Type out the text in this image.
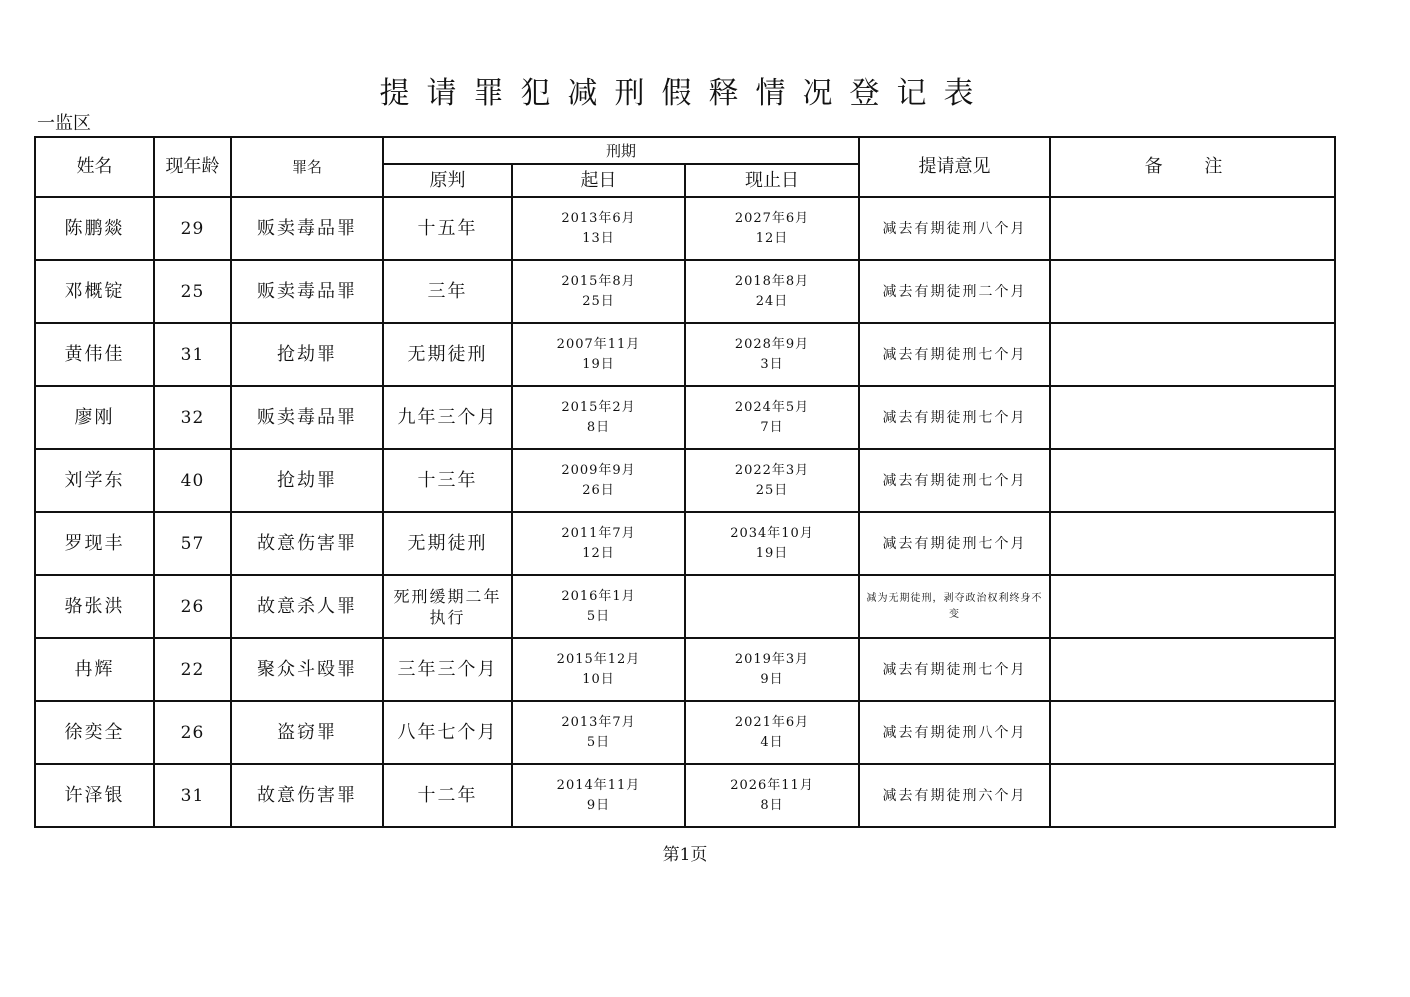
提请罪犯减刑假释情况登记表
一监区
姓名	现年龄	罪名	刑期			提请意见	备 注
			原判	起日	现止日		
陈鹏燚	29	贩卖毒品罪	十五年	2013年6月
13日	2027年6月
12日	减去有期徒刑八个月	
邓概锭	25	贩卖毒品罪	三年	2015年8月
25日	2018年8月
24日	减去有期徒刑二个月	
黄伟佳	31	抢劫罪	无期徒刑	2007年11月
19日	2028年9月
3日	减去有期徒刑七个月	
廖刚	32	贩卖毒品罪	九年三个月	2015年2月
8日	2024年5月
7日	减去有期徒刑七个月	
刘学东	40	抢劫罪	十三年	2009年9月
26日	2022年3月
25日	减去有期徒刑七个月	
罗现丰	57	故意伤害罪	无期徒刑	2011年7月
12日	2034年10月
19日	减去有期徒刑七个月	
骆张洪	26	故意杀人罪	死刑缓期二年执行	2016年1月
5日		减为无期徒刑，剥夺政治权利终身不变	
冉辉	22	聚众斗殴罪	三年三个月	2015年12月
10日	2019年3月
9日	减去有期徒刑七个月	
徐奕全	26	盗窃罪	八年七个月	2013年7月
5日	2021年6月
4日	减去有期徒刑八个月	
许泽银	31	故意伤害罪	十二年	2014年11月
9日	2026年11月
8日	减去有期徒刑六个月	
第1页
